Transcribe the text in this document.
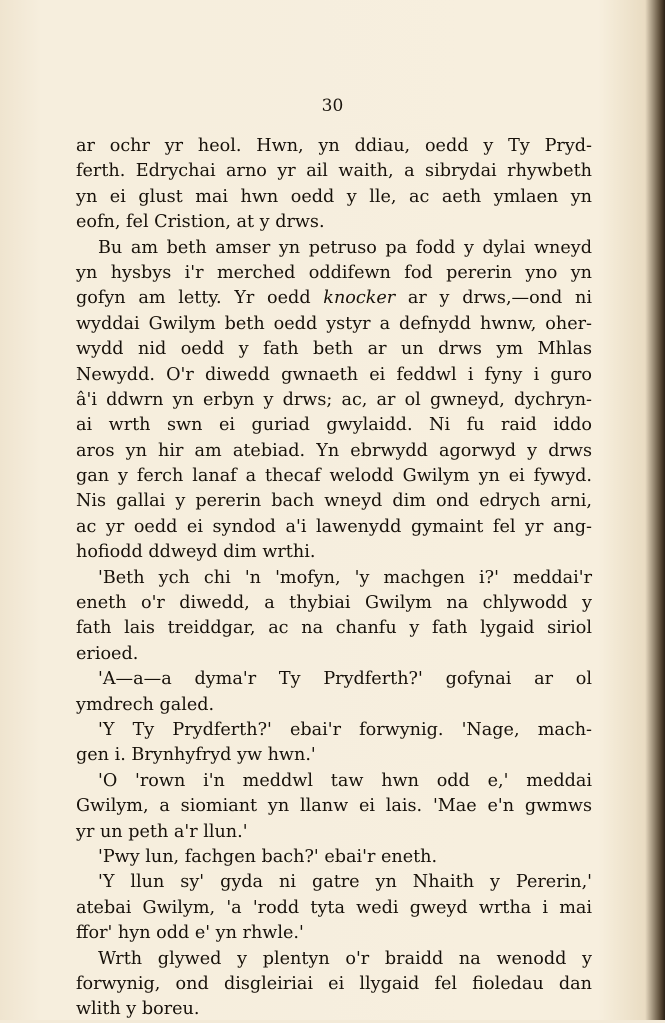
30
ar ochr yr heol. Hwn, yn ddiau, oedd y Ty Pryd-
ferth. Edrychai arno yr ail waith, a sibrydai rhywbeth
yn ei glust mai hwn oedd y lle, ac aeth ymlaen yn
eofn, fel Cristion, at y drws.
Bu am beth amser yn petruso pa fodd y dylai wneyd
yn hysbys i'r merched oddifewn fod pererin yno yn
gofyn am letty. Yr oedd knocker ar y drws,—ond ni
wyddai Gwilym beth oedd ystyr a defnydd hwnw, oher-
wydd nid oedd y fath beth ar un drws ym Mhlas
Newydd. O'r diwedd gwnaeth ei feddwl i fyny i guro
â'i ddwrn yn erbyn y drws; ac, ar ol gwneyd, dychryn-
ai wrth swn ei guriad gwylaidd. Ni fu raid iddo
aros yn hir am atebiad. Yn ebrwydd agorwyd y drws
gan y ferch lanaf a thecaf welodd Gwilym yn ei fywyd.
Nis gallai y pererin bach wneyd dim ond edrych arni,
ac yr oedd ei syndod a'i lawenydd gymaint fel yr ang-
hofiodd ddweyd dim wrthi.
'Beth ych chi 'n 'mofyn, 'y machgen i?' meddai'r
eneth o'r diwedd, a thybiai Gwilym na chlywodd y
fath lais treiddgar, ac na chanfu y fath lygaid siriol
erioed.
'A—a—a dyma'r Ty Prydferth?' gofynai ar ol
ymdrech galed.
'Y Ty Prydferth?' ebai'r forwynig. 'Nage, mach-
gen i. Brynhyfryd yw hwn.'
'O 'rown i'n meddwl taw hwn odd e,' meddai
Gwilym, a siomiant yn llanw ei lais. 'Mae e'n gwmws
yr un peth a'r llun.'
'Pwy lun, fachgen bach?' ebai'r eneth.
'Y llun sy' gyda ni gatre yn Nhaith y Pererin,'
atebai Gwilym, 'a 'rodd tyta wedi gweyd wrtha i mai
ffor' hyn odd e' yn rhwle.'
Wrth glywed y plentyn o'r braidd na wenodd y
forwynig, ond disgleiriai ei llygaid fel fioledau dan
wlith y boreu.
